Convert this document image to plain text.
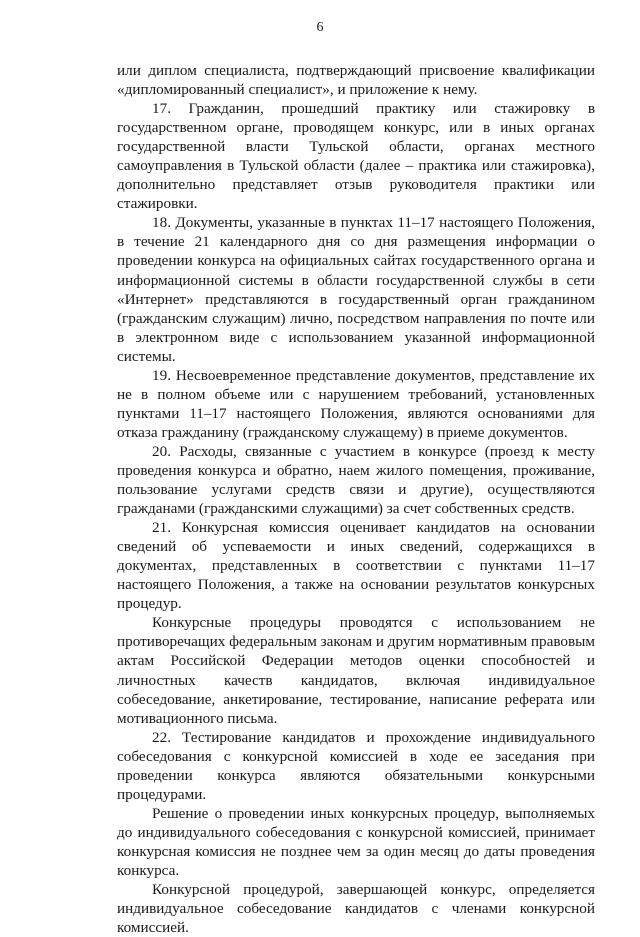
6

или диплом специалиста, подтверждающий присвоение квалификации «дипломированный специалист», и приложение к нему.

17. Гражданин, прошедший практику или стажировку в государственном органе, проводящем конкурс, или в иных органах государственной власти Тульской области, органах местного самоуправления в Тульской области (далее – практика или стажировка), дополнительно представляет отзыв руководителя практики или стажировки.

18. Документы, указанные в пунктах 11–17 настоящего Положения, в течение 21 календарного дня со дня размещения информации о проведении конкурса на официальных сайтах государственного органа и информационной системы в области государственной службы в сети «Интернет» представляются в государственный орган гражданином (гражданским служащим) лично, посредством направления по почте или в электронном виде с использованием указанной информационной системы.

19. Несвоевременное представление документов, представление их не в полном объеме или с нарушением требований, установленных пунктами 11–17 настоящего Положения, являются основаниями для отказа гражданину (гражданскому служащему) в приеме документов.

20. Расходы, связанные с участием в конкурсе (проезд к месту проведения конкурса и обратно, наем жилого помещения, проживание, пользование услугами средств связи и другие), осуществляются гражданами (гражданскими служащими) за счет собственных средств.

21. Конкурсная комиссия оценивает кандидатов на основании сведений об успеваемости и иных сведений, содержащихся в документах, представленных в соответствии с пунктами 11–17 настоящего Положения, а также на основании результатов конкурсных процедур.

Конкурсные процедуры проводятся с использованием не противоречащих федеральным законам и другим нормативным правовым актам Российской Федерации методов оценки способностей и личностных качеств кандидатов, включая индивидуальное собеседование, анкетирование, тестирование, написание реферата или мотивационного письма.

22. Тестирование кандидатов и прохождение индивидуального собеседования с конкурсной комиссией в ходе ее заседания при проведении конкурса являются обязательными конкурсными процедурами.

Решение о проведении иных конкурсных процедур, выполняемых до индивидуального собеседования с конкурсной комиссией, принимает конкурсная комиссия не позднее чем за один месяц до даты проведения конкурса.

Конкурсной процедурой, завершающей конкурс, определяется индивидуальное собеседование кандидатов с членами конкурсной комиссией.
